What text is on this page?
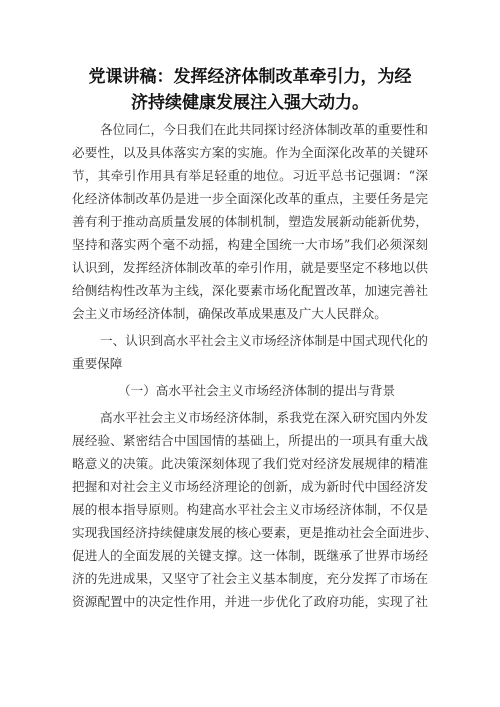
党课讲稿：发挥经济体制改革牵引力，为经
济持续健康发展注入强大动力。
各位同仁，今日我们在此共同探讨经济体制改革的重要性和
必要性，以及具体落实方案的实施。作为全面深化改革的关键环
节，其牵引作用具有举足轻重的地位。习近平总书记强调：“深
化经济体制改革仍是进一步全面深化改革的重点，主要任务是完
善有利于推动高质量发展的体制机制，塑造发展新动能新优势，
坚持和落实两个毫不动摇，构建全国统一大市场”我们必须深刻
认识到，发挥经济体制改革的牵引作用，就是要坚定不移地以供
给侧结构性改革为主线，深化要素市场化配置改革，加速完善社
会主义市场经济体制，确保改革成果惠及广大人民群众。
一、认识到高水平社会主义市场经济体制是中国式现代化的
重要保障
（一）高水平社会主义市场经济体制的提出与背景
高水平社会主义市场经济体制，系我党在深入研究国内外发
展经验、紧密结合中国国情的基础上，所提出的一项具有重大战
略意义的决策。此决策深刻体现了我们党对经济发展规律的精准
把握和对社会主义市场经济理论的创新，成为新时代中国经济发
展的根本指导原则。构建高水平社会主义市场经济体制，不仅是
实现我国经济持续健康发展的核心要素，更是推动社会全面进步、
促进人的全面发展的关键支撑。这一体制，既继承了世界市场经
济的先进成果，又坚守了社会主义基本制度，充分发挥了市场在
资源配置中的决定性作用，并进一步优化了政府功能，实现了社
